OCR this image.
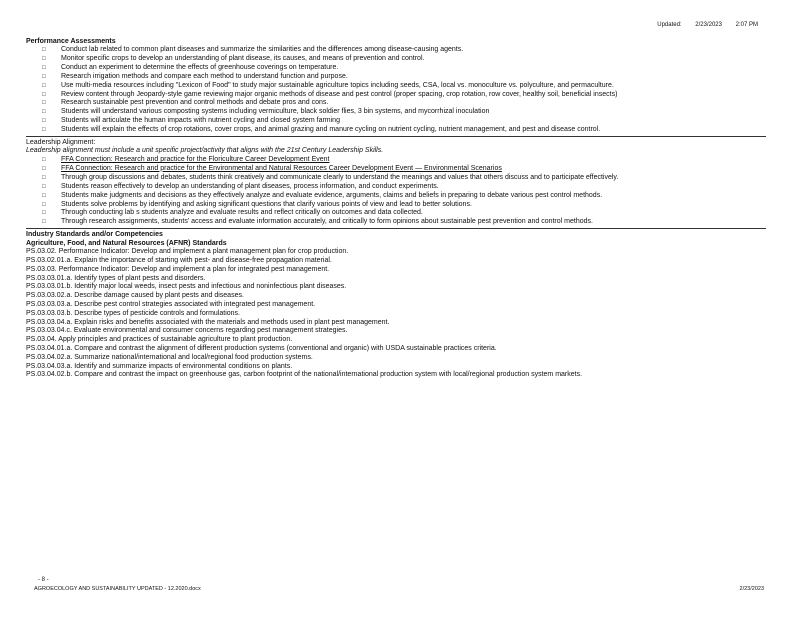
Updated: 2/23/2023 2:07 PM
Performance Assessments
□	Conduct lab related to common plant diseases and summarize the similarities and the differences among disease-causing agents.
□	Monitor specific crops to develop an understanding of plant disease, its causes, and means of prevention and control.
□	Conduct an experiment to determine the effects of greenhouse coverings on temperature.
□	Research irrigation methods and compare each method to understand function and purpose.
□	Use multi-media resources including "Lexicon of Food" to study major sustainable agriculture topics including seeds, CSA, local vs. monoculture vs. polyculture, and permaculture.
□	Review content through Jeopardy-style game reviewing major organic methods of disease and pest control (proper spacing, crop rotation, row cover, healthy soil, beneficial insects)
□	Research sustainable pest prevention and control methods and debate pros and cons.
□	Students will understand various composting systems including vermiculture, black soldier flies, 3 bin systems, and mycorrhizal inoculation
□	Students will articulate the human impacts with nutrient cycling and closed system farming
□	Students will explain the effects of crop rotations, cover crops, and animal grazing and manure cycling on nutrient cycling, nutrient management, and pest and disease control.
Leadership Alignment:
Leadership alignment must include a unit specific project/activity that aligns with the 21st Century Leadership Skills.
□	FFA Connection: Research and practice for the Floriculture Career Development Event
□	FFA Connection: Research and practice for the Environmental and Natural Resources Career Development Event — Environmental Scenarios
□	Through group discussions and debates, students think creatively and communicate clearly to understand the meanings and values that others discuss and to participate effectively.
□	Students reason effectively to develop an understanding of plant diseases, process information, and conduct experiments.
□	Students make judgments and decisions as they effectively analyze and evaluate evidence, arguments, claims and beliefs in preparing to debate various pest control methods.
□	Students solve problems by identifying and asking significant questions that clarify various points of view and lead to better solutions.
□	Through conducting lab s students analyze and evaluate results and reflect critically on outcomes and data collected.
□	Through research assignments, students' access and evaluate information accurately, and critically to form opinions about sustainable pest prevention and control methods.
Industry Standards and/or Competencies
Agriculture, Food, and Natural Resources (AFNR) Standards
PS.03.02. Performance Indicator: Develop and implement a plant management plan for crop production.
PS.03.02.01.a. Explain the importance of starting with pest- and disease-free propagation material.
PS.03.03. Performance Indicator: Develop and implement a plan for integrated pest management.
PS.03.03.01.a. Identify types of plant pests and disorders.
PS.03.03.01.b. Identify major local weeds, insect pests and infectious and noninfectious plant diseases.
PS.03.03.02.a. Describe damage caused by plant pests and diseases.
PS.03.03.03.a. Describe pest control strategies associated with integrated pest management.
PS.03.03.03.b. Describe types of pesticide controls and formulations.
PS.03.03.04.a. Explain risks and benefits associated with the materials and methods used in plant pest management.
PS.03.03.04.c. Evaluate environmental and consumer concerns regarding pest management strategies.
PS.03.04. Apply principles and practices of sustainable agriculture to plant production.
PS.03.04.01.a. Compare and contrast the alignment of different production systems (conventional and organic) with USDA sustainable practices criteria.
PS.03.04.02.a. Summarize national/international and local/regional food production systems.
PS.03.04.03.a. Identify and summarize impacts of environmental conditions on plants.
PS.03.04.02.b. Compare and contrast the impact on greenhouse gas, carbon footprint of the national/international production system with local/regional production system markets.
- 8 -
AGROECOLOGY AND SUSTAINABILITY UPDATED - 12.2020.docx	2/23/2023
